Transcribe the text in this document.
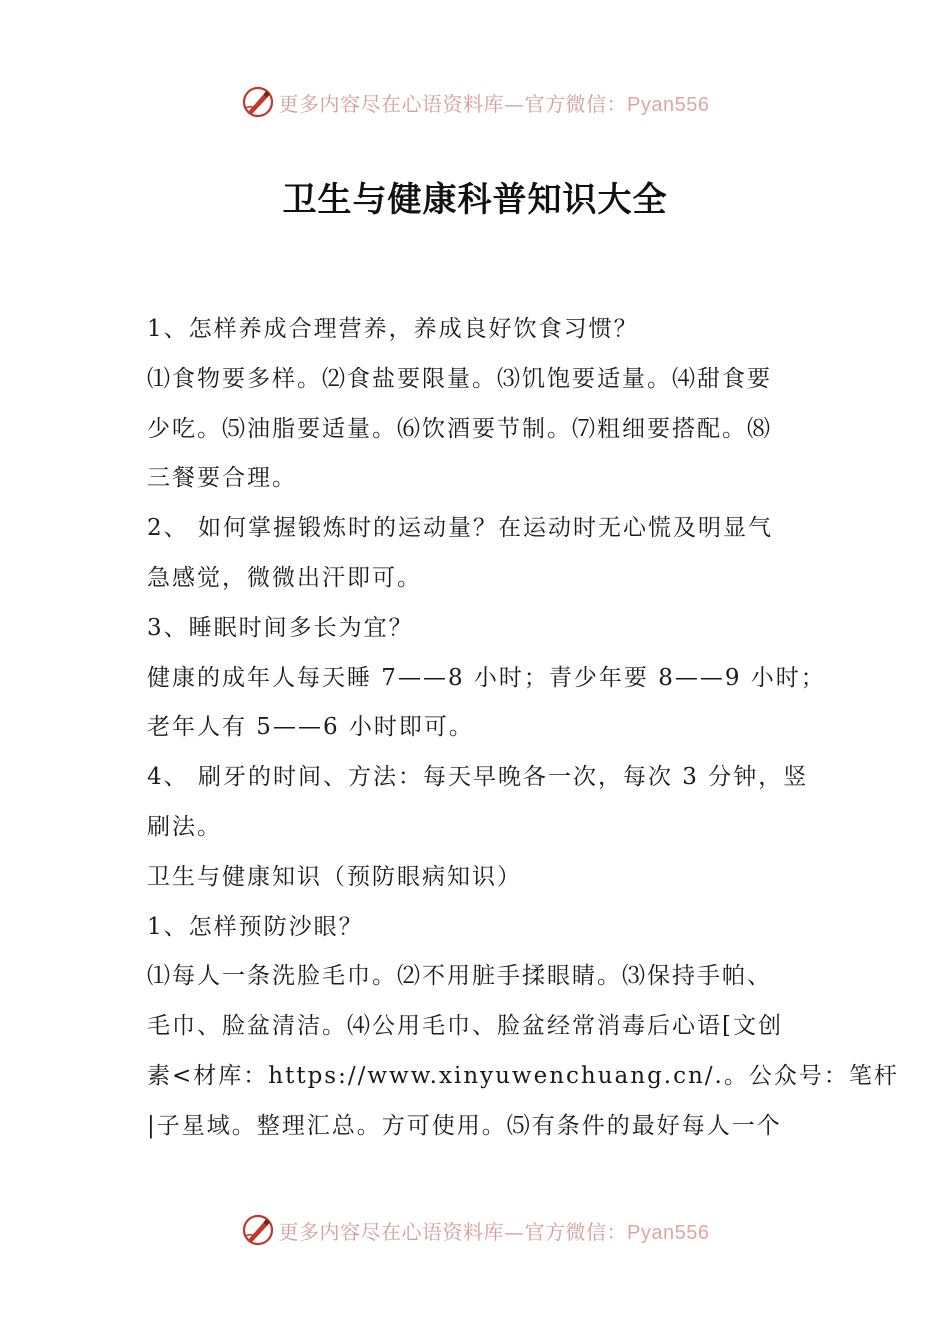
更多内容尽在心语资料库—官方微信：Pyan556
卫生与健康科普知识大全
1、怎样养成合理营养，养成良好饮食习惯？
⑴食物要多样。⑵食盐要限量。⑶饥饱要适量。⑷甜食要
少吃。⑸油脂要适量。⑹饮酒要节制。⑺粗细要搭配。⑻
三餐要合理。
2、 如何掌握锻炼时的运动量？在运动时无心慌及明显气
急感觉，微微出汗即可。
3、睡眠时间多长为宜？
健康的成年人每天睡 7——8 小时；青少年要 8——9 小时；
老年人有 5——6 小时即可。
4、 刷牙的时间、方法：每天早晚各一次，每次 3 分钟，竖
刷法。
卫生与健康知识（预防眼病知识）
1、怎样预防沙眼？
⑴每人一条洗脸毛巾。⑵不用脏手揉眼睛。⑶保持手帕、
毛巾、脸盆清洁。⑷公用毛巾、脸盆经常消毒后心语[文创
素<材库：https://www.xinyuwenchuang.cn/.。公众号：笔杆
|子星域。整理汇总。方可使用。⑸有条件的最好每人一个
更多内容尽在心语资料库—官方微信：Pyan556
